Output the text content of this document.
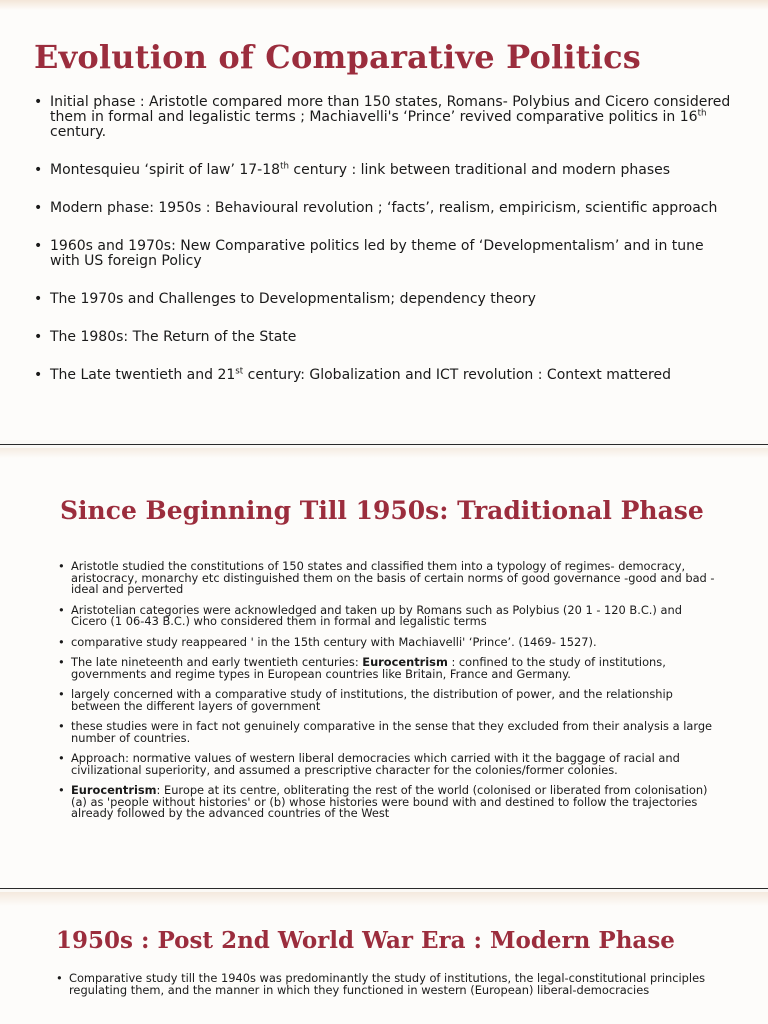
Evolution of Comparative Politics
• Initial phase : Aristotle compared more than 150 states, Romans- Polybius and Cicero considered them in formal and legalistic terms ; Machiavelli's ‘Prince’ revived comparative politics in 16th century.
• Montesquieu ‘spirit of law’ 17-18th century : link between traditional and modern phases
• Modern phase: 1950s : Behavioural revolution ; ‘facts’, realism, empiricism, scientific approach
• 1960s and 1970s: New Comparative politics led by theme of ‘Developmentalism’ and in tune with US foreign Policy
• The 1970s and Challenges to Developmentalism; dependency theory
• The 1980s: The Return of the State
• The Late twentieth and 21st century: Globalization and ICT revolution : Context mattered
Since Beginning Till 1950s: Traditional Phase
• Aristotle studied the constitutions of 150 states and classified them into a typology of regimes- democracy, aristocracy, monarchy etc distinguished them on the basis of certain norms of good governance -good and bad - ideal and perverted
• Aristotelian categories were acknowledged and taken up by Romans such as Polybius (20 1 - 120 B.C.) and Cicero (1 06-43 B.C.) who considered them in formal and legalistic terms
• comparative study reappeared ' in the 15th century with Machiavelli' ‘Prince’. (1469- 1527).
• The late nineteenth and early twentieth centuries: Eurocentrism : confined to the study of institutions, governments and regime types in European countries like Britain, France and Germany.
• largely concerned with a comparative study of institutions, the distribution of power, and the relationship between the different layers of government
• these studies were in fact not genuinely comparative in the sense that they excluded from their analysis a large number of countries.
• Approach: normative values of western liberal democracies which carried with it the baggage of racial and civilizational superiority, and assumed a prescriptive character for the colonies/former colonies.
• Eurocentrism: Europe at its centre, obliterating the rest of the world (colonised or liberated from colonisation) (a) as 'people without histories' or (b) whose histories were bound with and destined to follow the trajectories already followed by the advanced countries of the West
1950s : Post 2nd World War Era : Modern Phase
• Comparative study till the 1940s was predominantly the study of institutions, the legal-constitutional principles regulating them, and the manner in which they functioned in western (European) liberal-democracies
